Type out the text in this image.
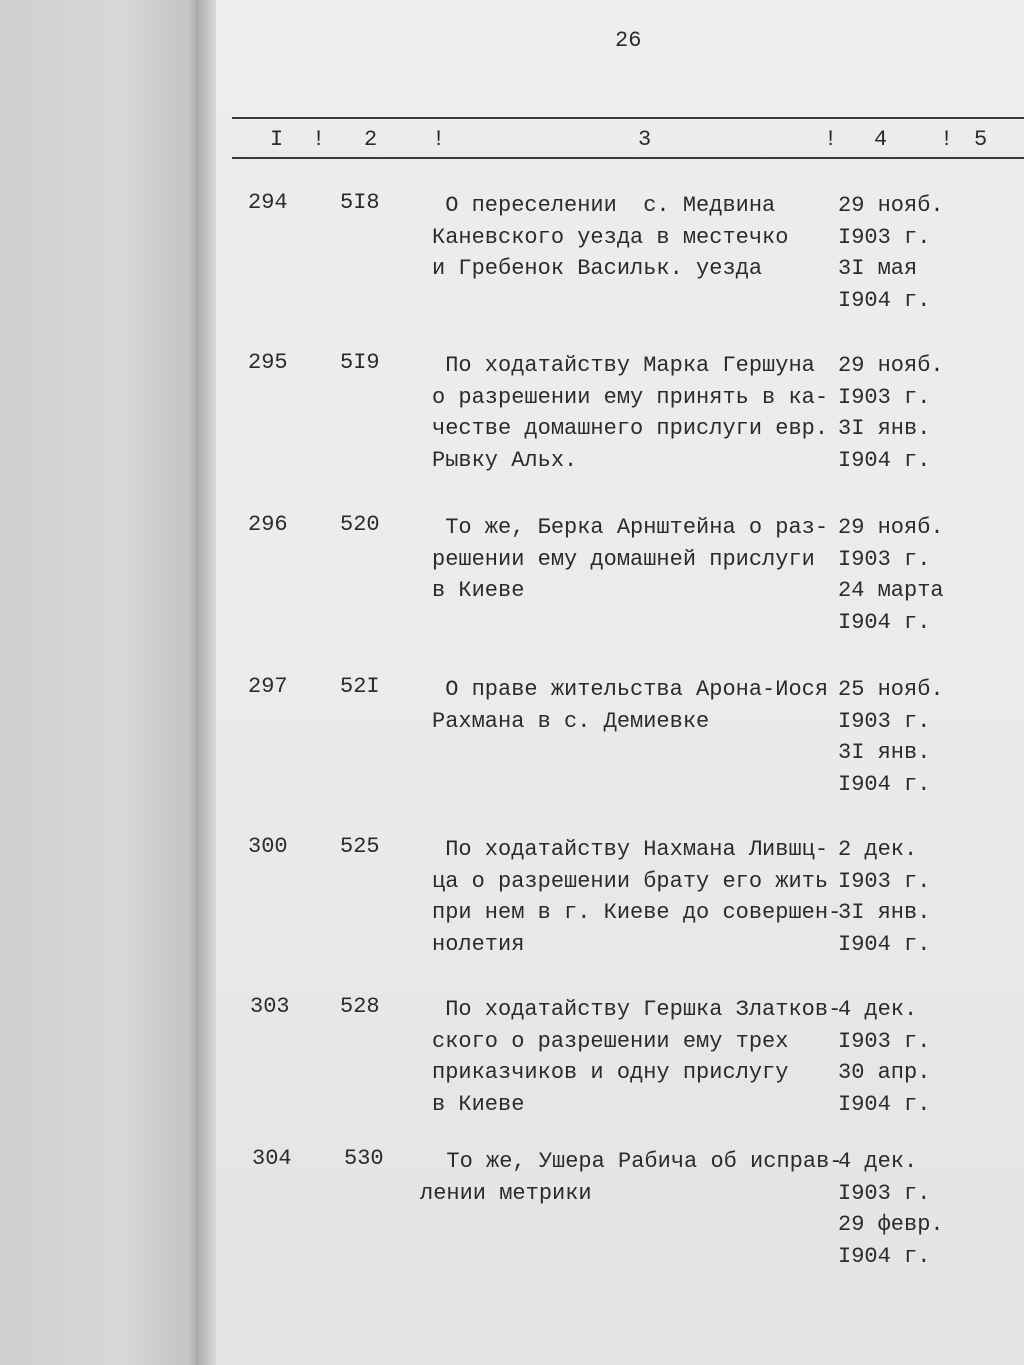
26
I ! 2 !	3	! 4 ! 5
294 5I8 О переселении  с. Медвина
Каневского уезда в местечко
и Гребенок Васильк. уезда
29 нояб.
I903 г.
3I мая
I904 г.
295 5I9 По ходатайству Марка Гершуна
о разрешении ему принять в ка-
честве домашнего прислуги евр.
Рывку Альх.
29 нояб.
I903 г.
3I янв.
I904 г.
296 520 То же, Берка Арнштейна о раз-
решении ему домашней прислуги
в Киеве
29 нояб.
I903 г.
24 марта
I904 г.
297 52I О праве жительства Арона-Иося
Рахмана в с. Демиевке
25 нояб.
I903 г.
3I янв.
I904 г.
300 525 По ходатайству Нахмана Лившц-
ца о разрешении брату его жить
при нем в г. Киеве до совершен-
нолетия
2 дек.
I903 г.
3I янв.
I904 г.
303 528 По ходатайству Гершка Златков-
ского о разрешении ему трех
приказчиков и одну прислугу
в Киеве
4 дек.
I903 г.
30 апр.
I904 г.
304 530 То же, Ушера Рабича об исправ-
лении метрики
4 дек.
I903 г.
29 февр.
I904 г.
